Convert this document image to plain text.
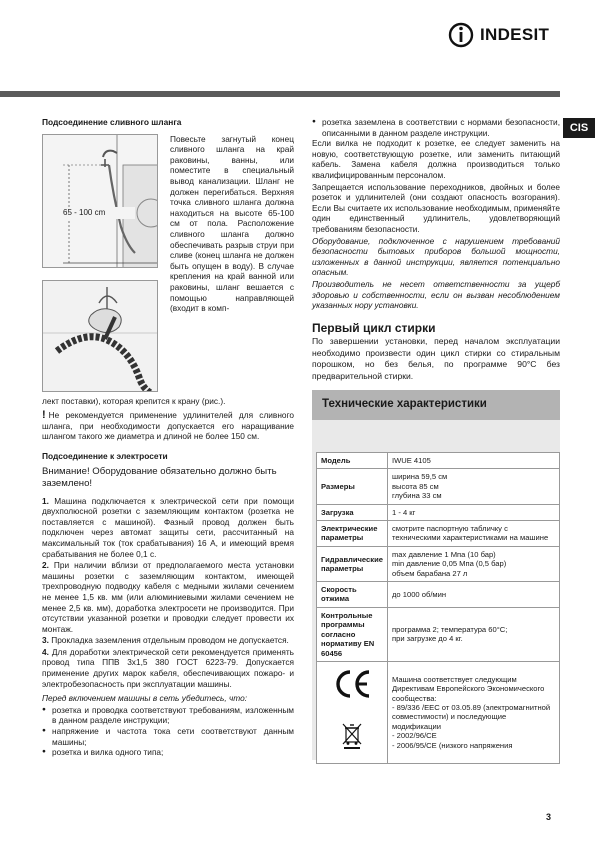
INDESIT
CIS
Подсоединение сливного шланга
65 - 100 cm
Повесьте загнутый конец сливного шланга на край раковины, ванны, или поместите в специальный вывод канализации. Шланг не должен перегибаться. Верхняя точка сливного шланга должна находиться на высоте 65-100 см от пола. Расположение сливного шланга должно обеспечивать разрыв струи при сливе (конец шланга не должен быть опущен в воду). В случае крепления на край ванной или раковины, шланг вешается с помощью направляющей (входит в комп-
лект поставки), которая крепится к крану (рис.).
! Не рекомендуется применение удлинителей для сливного шланга, при необходимости допускается его наращивание шлангом такого же диаметра и длиной не более 150 см.
Подсоединение к электросети
Внимание! Оборудование обязательно должно быть заземлено!
1. Машина подключается к электрической сети при помощи двухполюсной розетки с заземляющим контактом (розетка не поставляется с машиной). Фазный провод должен быть подключен через автомат защиты сети, рассчитанный на максимальный ток (ток срабатывания) 16 А, и имеющий время срабатывания не более 0,1 с.
2. При наличии вблизи от предполагаемого места установки машины розетки с заземляющим контактом, имеющей трехпроводную подводку кабеля с медными жилами сечением не менее 1,5 кв. мм (или алюминиевыми жилами сечением не менее 2,5 кв. мм), доработка электросети не производится. При отсутствии указанной розетки и проводки следует провести их монтаж.
3. Прокладка заземления отдельным проводом не допускается.
4. Для доработки электрической сети рекомендуется применять провод типа ППВ 3х1,5 380 ГОСТ 6223-79. Допускается применение других марок кабеля, обеспечивающих пожаро- и электробезопасность при эксплуатации машины.
Перед включением машины в сеть убедитесь, что:
● розетка и проводка соответствуют требованиям, изложенным в данном разделе инструкции;
● напряжение и частота тока сети соответствуют данным машины;
● розетка и вилка одного типа;
● розетка заземлена в соответствии с нормами безопасности, описанными в данном разделе инструкции.
Если вилка не подходит к розетке, ее следует заменить на новую, соответствующую розетке, или заменить питающий кабель. Замена кабеля должна производиться только квалифицированным персоналом.
Запрещается использование переходников, двойных и более розеток и удлинителей (они создают опасность возгорания). Если Вы считаете их использование необходимым, применяйте один единственный удлинитель, удовлетворяющий требованиям безопасности.
Оборудование, подключенное с нарушением требований безопасности бытовых приборов большой мощности, изложенных в данной инструкции, является потенциально опасным.
Производитель не несет ответственности за ущерб здоровью и собственности, если он вызван несоблюдением указанных нору установки.
Первый цикл стирки
По завершении установки, перед началом эксплуатации необходимо произвести один цикл стирки со стиральным порошком, но без белья, по программе 90°С без предварительной стирки.
Технические характеристики
Модель	IWUE 4105
Размеры	ширина 59,5 см
высота 85 см
глубина 33 см
Загрузка	1 - 4 кг
Электрические параметры	смотрите паспортную табличку с техническими характеристиками на машине
Гидравлические параметры	max давление 1 Мпа (10 бар)
min давление 0,05 Мпа (0,5 бар)
объем барабана 27 л
Скорость отжима	до 1000 об/мин
Контрольные программы согласно нормативу EN 60456	программа 2; температура 60°С;
при загрузке до 4 кг.

	Машина соответствует следующим Директивам Европейского Экономического сообщества:
- 89/336 /EEC от 03.05.89 (электромагнитной совместимости) и последующие модификации
- 2002/96/CE
- 2006/95/CE (низкого напряжения
3
